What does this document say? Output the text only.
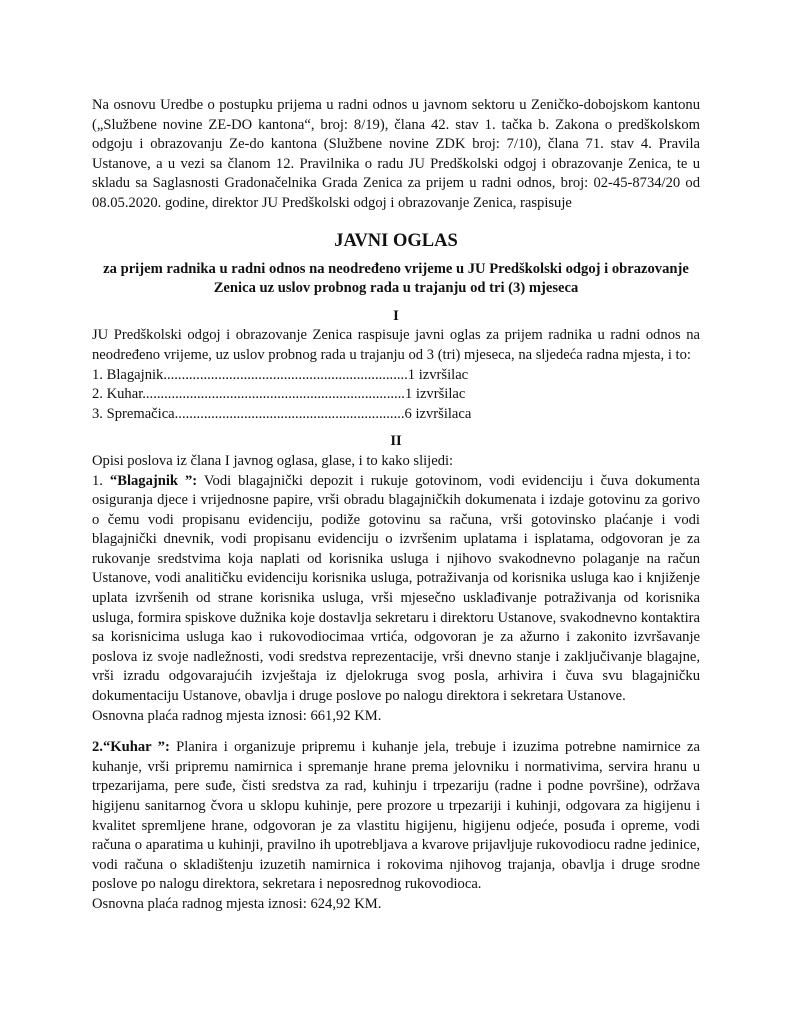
Na osnovu Uredbe o postupku prijema u radni odnos u javnom sektoru u Zeničko-dobojskom kantonu („Službene novine ZE-DO kantona“, broj: 8/19), člana 42. stav 1. tačka b. Zakona o predškolskom odgoju i obrazovanju Ze-do kantona (Službene novine ZDK broj: 7/10), člana 71. stav 4. Pravila Ustanove, a u vezi sa članom 12. Pravilnika o radu JU Predškolski odgoj i obrazovanje Zenica, te u skladu sa Saglasnosti Gradonačelnika Grada Zenica za prijem u radni odnos, broj: 02-45-8734/20 od 08.05.2020. godine, direktor JU Predškolski odgoj i obrazovanje Zenica, raspisuje

JAVNI OGLAS
za prijem radnika u radni odnos na neodređeno vrijeme u JU Predškolski odgoj i obrazovanje Zenica uz uslov probnog rada u trajanju od tri (3) mjeseca
I

JU Predškolski odgoj i obrazovanje Zenica raspisuje javni oglas za prijem radnika u radni odnos na neodređeno vrijeme, uz uslov probnog rada u trajanju od 3 (tri) mjeseca, na sljedeća radna mjesta, i to:

1. Blagajnik...................................................................1 izvršilac
2. Kuhar........................................................................1 izvršilac
3. Spremačica...............................................................6 izvršilaca
II

Opisi poslova iz člana I javnog oglasa, glase, i to kako slijedi:

1. “Blagajnik ”: Vodi blagajnički depozit i rukuje gotovinom, vodi evidenciju i čuva dokumenta osiguranja djece i vrijednosne papire, vrši obradu blagajničkih dokumenata i izdaje gotovinu za gorivo o čemu vodi propisanu evidenciju, podiže gotovinu sa računa, vrši gotovinsko plaćanje i vodi blagajnički dnevnik, vodi propisanu evidenciju o izvršenim uplatama i isplatama, odgovoran je za rukovanje sredstvima koja naplati od korisnika usluga i njihovo svakodnevno polaganje na račun Ustanove, vodi analitičku evidenciju korisnika usluga, potraživanja od korisnika usluga kao i knjiženje uplata izvršenih od strane korisnika usluga, vrši mjesečno usklađivanje potraživanja od korisnika usluga, formira spiskove dužnika koje dostavlja sekretaru i direktoru Ustanove, svakodnevno kontaktira sa korisnicima usluga kao i rukovodiocimaa vrtića, odgovoran je za ažurno i zakonito izvršavanje poslova iz svoje nadležnosti, vodi sredstva reprezentacije, vrši dnevno stanje i zaključivanje blagajne, vrši izradu odgovarajućih izvještaja iz djelokruga svog posla, arhivira i čuva svu blagajničku dokumentaciju Ustanove, obavlja i druge poslove po nalogu direktora i sekretara Ustanove.

Osnovna plaća radnog mjesta iznosi: 661,92 KM.

2.“Kuhar ”: Planira i organizuje pripremu i kuhanje jela, trebuje i izuzima potrebne namirnice za kuhanje, vrši pripremu namirnica i spremanje hrane prema jelovniku i normativima, servira hranu u trpezarijama, pere suđe, čisti sredstva za rad, kuhinju i trpezariju (radne i podne površine), održava higijenu sanitarnog čvora u sklopu kuhinje, pere prozore u trpezariji i kuhinji, odgovara za higijenu i kvalitet spremljene hrane, odgovoran je za vlastitu higijenu, higijenu odjeće, posuđa i opreme, vodi računa o aparatima u kuhinji, pravilno ih upotrebljava a kvarove prijavljuje rukovodiocu radne jedinice, vodi računa o skladištenju izuzetih namirnica i rokovima njihovog trajanja, obavlja i druge srodne poslove po nalogu direktora, sekretara i neposrednog rukovodioca.

Osnovna plaća radnog mjesta iznosi: 624,92 KM.
